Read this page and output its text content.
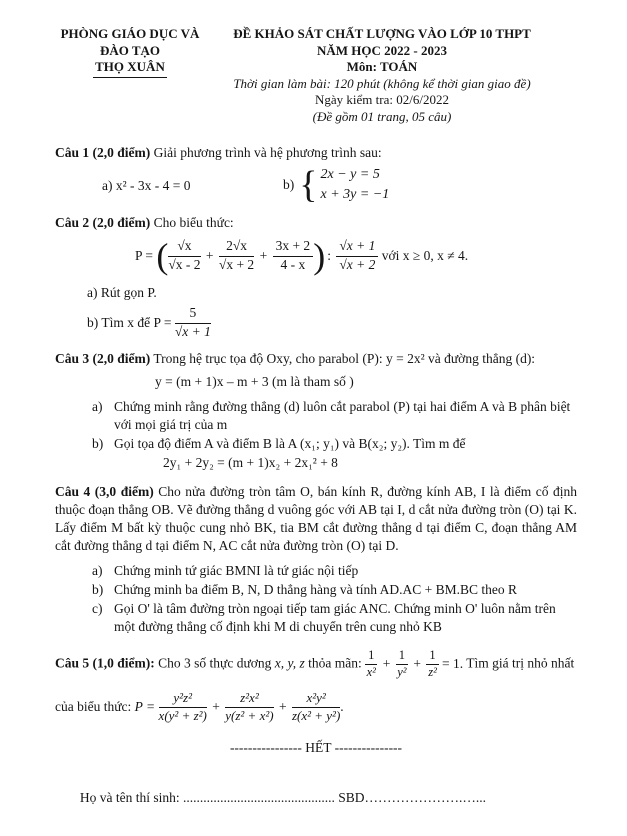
PHÒNG GIÁO DỤC VÀ ĐÀO TẠO
THỌ XUÂN
ĐỀ KHẢO SÁT CHẤT LƯỢNG VÀO LỚP 10 THPT
NĂM HỌC 2022 - 2023
Môn: TOÁN
Thời gian làm bài: 120 phút (không kể thời gian giao đề)
Ngày kiểm tra: 02/6/2022
(Đề gồm 01 trang, 05 câu)

Câu 1 (2,0 điểm) Giải phương trình và hệ phương trình sau:

a) x² - 3x - 4 = 0	b) { 2x − y = 5
x + 3y = −1

Câu 2 (2,0 điểm) Cho biểu thức:

P = ( $\frac{√x}{√x - 2} + \frac{2√x}{√x + 2} + \frac{3x + 2}{4 - x}$ ) : $\frac{√x + 1}{√x + 2}$ với x ≥ 0, x ≠ 4.

a) Rút gọn P.

b) Tìm x để $P = \frac{5}{√x + 1}$

Câu 3 (2,0 điểm) Trong hệ trục tọa độ Oxy, cho parabol (P): y = 2x² và đường thẳng (d):

y = (m + 1)x – m + 3 (m là tham số )

a) Chứng minh rằng đường thẳng (d) luôn cắt parabol (P) tại hai điểm A và B phân biệt với mọi giá trị của m
b) Gọi tọa độ điểm A và điểm B là A (x₁; y₁) và B(x₂; y₂). Tìm m để

2y₁ + 2y₂ = (m + 1)x₂ + 2x₁² + 8

Câu 4 (3,0 điểm) Cho nửa đường tròn tâm O, bán kính R, đường kính AB, I là điểm cố định thuộc đoạn thẳng OB. Vẽ đường thẳng d vuông góc với AB tại I, d cắt nửa đường tròn (O) tại K. Lấy điểm M bất kỳ thuộc cung nhỏ BK, tia BM cắt đường thẳng d tại điểm C, đoạn thẳng AM cắt đường thẳng d tại điểm N, AC cắt nửa đường tròn (O) tại D.

a) Chứng minh tứ giác BMNI là tứ giác nội tiếp
b) Chứng minh ba điểm B, N, D thẳng hàng và tính AD.AC + BM.BC theo R
c) Gọi O' là tâm đường tròn ngoại tiếp tam giác ANC. Chứng minh O' luôn nằm trên một đường thẳng cố định khi M di chuyển trên cung nhỏ KB
Câu 5 (1,0 điểm): Cho 3 số thực dương x, y, z thỏa mãn: $\frac{1}{\text{x²}} + \frac{1}{\text{y²}} + \frac{1}{\text{z²}} = 1$. Tìm giá trị nhỏ nhất
của biểu thức: $P = \frac{\text{y²z²}}{\text{x(y² + z²)}} + \frac{\text{z²x²}}{\text{y(z² + x²)}} + \frac{\text{x²y²}}{\text{z(x² + y²)}}$ .

---------------- HẾT ---------------

Họ và tên thí sinh: ............................................. SBD………………….…...
